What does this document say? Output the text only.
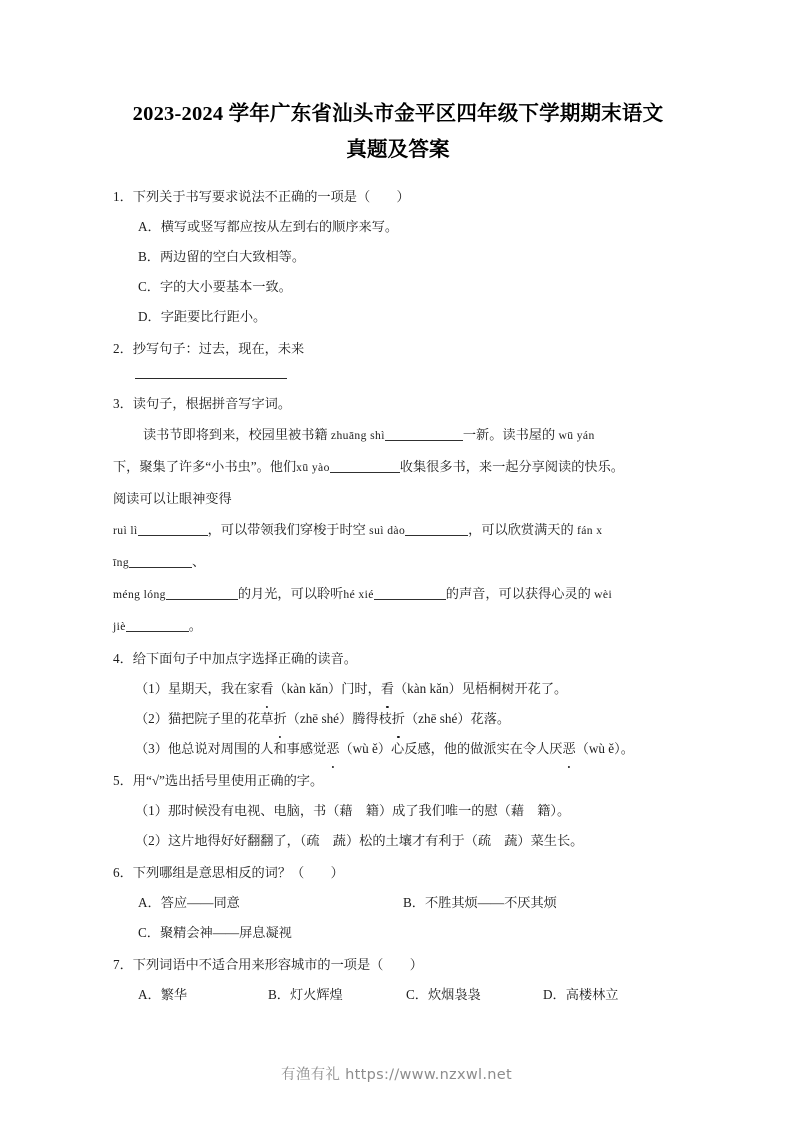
2023-2024 学年广东省汕头市金平区四年级下学期期末语文
真题及答案
1．下列关于书写要求说法不正确的一项是（        ）
A．横写或竖写都应按从左到右的顺序来写。
B．两边留的空白大致相等。
C．字的大小要基本一致。
D．字距要比行距小。
2．抄写句子：过去，现在，未来
3．读句子，根据拼音写字词。
读书节即将到来，校园里被书籍 zhuāng shì	一新。读书屋的 wū yán
下，聚集了许多“小书虫”。他们xū yào	收集很多书，来一起分享阅读的快乐。
阅读可以让眼神变得
ruì lì	，可以带领我们穿梭于时空 suì dào	，可以欣赏满天的 fán x
īng	、
méng lóng	的月光，可以聆听hé xié	的声音，可以获得心灵的 wèi
jiè	。
4．给下面句子中加点字选择正确的读音。
（1）星期天，我在家看（kàn kǎn）门时，看（kàn kǎn）见梧桐树开花了。
（2）猫把院子里的花草折（zhē shé）腾得枝折（zhē shé）花落。
（3）他总说对周围的人和事感觉恶（wù ě）心反感，他的做派实在令人厌恶（wù ě）。
5．用“√”选出括号里使用正确的字。
（1）那时候没有电视、电脑，书（藉    籍）成了我们唯一的慰（藉    籍）。
（2）这片地得好好翻翻了，（疏    蔬）松的土壤才有利于（疏    蔬）菜生长。
6．下列哪组是意思相反的词？（        ）
A．答应——同意	B．不胜其烦——不厌其烦
C．聚精会神——屏息凝视
7．下列词语中不适合用来形容城市的一项是（        ）
A．繁华	B．灯火辉煌	C．炊烟袅袅	D．高楼林立
有渔有礼 https://www.nzxwl.net
